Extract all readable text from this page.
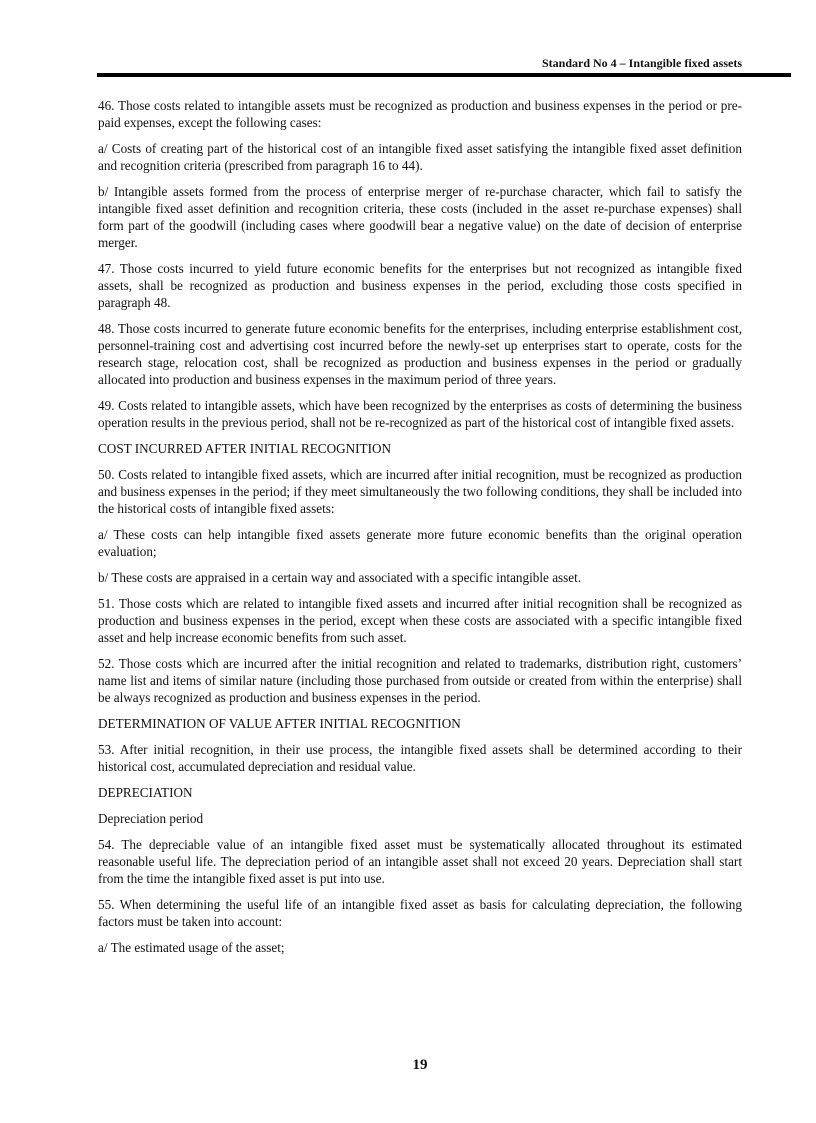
Standard No 4 – Intangible fixed assets

46. Those costs related to intangible assets must be recognized as production and business expenses in the period or pre-paid expenses, except the following cases:

a/ Costs of creating part of the historical cost of an intangible fixed asset satisfying the intangible fixed asset definition and recognition criteria (prescribed from paragraph 16 to 44).

b/ Intangible assets formed from the process of enterprise merger of re-purchase character, which fail to satisfy the intangible fixed asset definition and recognition criteria, these costs (included in the asset re-purchase expenses) shall form part of the goodwill (including cases where goodwill bear a negative value) on the date of decision of enterprise merger.

47. Those costs incurred to yield future economic benefits for the enterprises but not recognized as intangible fixed assets, shall be recognized as production and business expenses in the period, excluding those costs specified in paragraph 48.

48. Those costs incurred to generate future economic benefits for the enterprises, including enterprise establishment cost, personnel-training cost and advertising cost incurred before the newly-set up enterprises start to operate, costs for the research stage, relocation cost, shall be recognized as production and business expenses in the period or gradually allocated into production and business expenses in the maximum period of three years.

49. Costs related to intangible assets, which have been recognized by the enterprises as costs of determining the business operation results in the previous period, shall not be re-recognized as part of the historical cost of intangible fixed assets.

COST INCURRED AFTER INITIAL RECOGNITION

50. Costs related to intangible fixed assets, which are incurred after initial recognition, must be recognized as production and business expenses in the period; if they meet simultaneously the two following conditions, they shall be included into the historical costs of intangible fixed assets:

a/ These costs can help intangible fixed assets generate more future economic benefits than the original operation evaluation;

b/ These costs are appraised in a certain way and associated with a specific intangible asset.

51. Those costs which are related to intangible fixed assets and incurred after initial recognition shall be recognized as production and business expenses in the period, except when these costs are associated with a specific intangible fixed asset and help increase economic benefits from such asset.

52. Those costs which are incurred after the initial recognition and related to trademarks, distribution right, customers’ name list and items of similar nature (including those purchased from outside or created from within the enterprise) shall be always recognized as production and business expenses in the period.

DETERMINATION OF VALUE AFTER INITIAL RECOGNITION

53. After initial recognition, in their use process, the intangible fixed assets shall be determined according to their historical cost, accumulated depreciation and residual value.

DEPRECIATION

Depreciation period

54. The depreciable value of an intangible fixed asset must be systematically allocated throughout its estimated reasonable useful life. The depreciation period of an intangible asset shall not exceed 20 years. Depreciation shall start from the time the intangible fixed asset is put into use.

55. When determining the useful life of an intangible fixed asset as basis for calculating depreciation, the following factors must be taken into account:

a/ The estimated usage of the asset;

19
